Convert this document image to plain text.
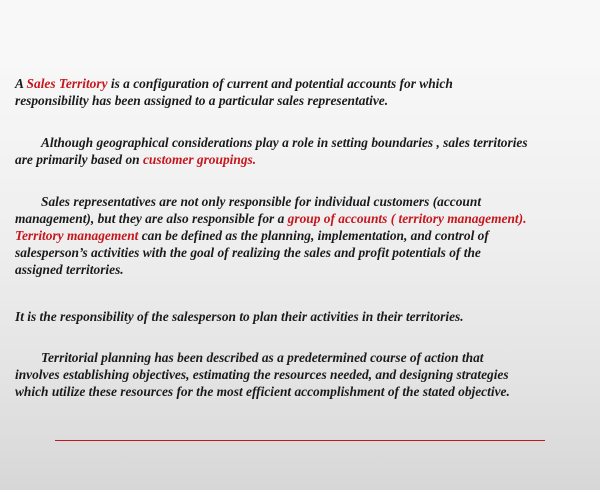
A Sales Territory is a configuration of current and potential accounts for which
responsibility has been assigned to a particular sales representative.
Although geographical considerations play a role in setting boundaries , sales territories
are primarily based on customer groupings.
Sales representatives are not only responsible for individual customers (account
management), but they are also responsible for a group of accounts ( territory management).
Territory management can be defined as the planning, implementation, and control of
salesperson’s activities with the goal of realizing the sales and profit potentials of the
assigned territories.
It is the responsibility of the salesperson to plan their activities in their territories.
Territorial planning has been described as a predetermined course of action that
involves establishing objectives, estimating the resources needed, and designing strategies
which utilize these resources for the most efficient accomplishment of the stated objective.
